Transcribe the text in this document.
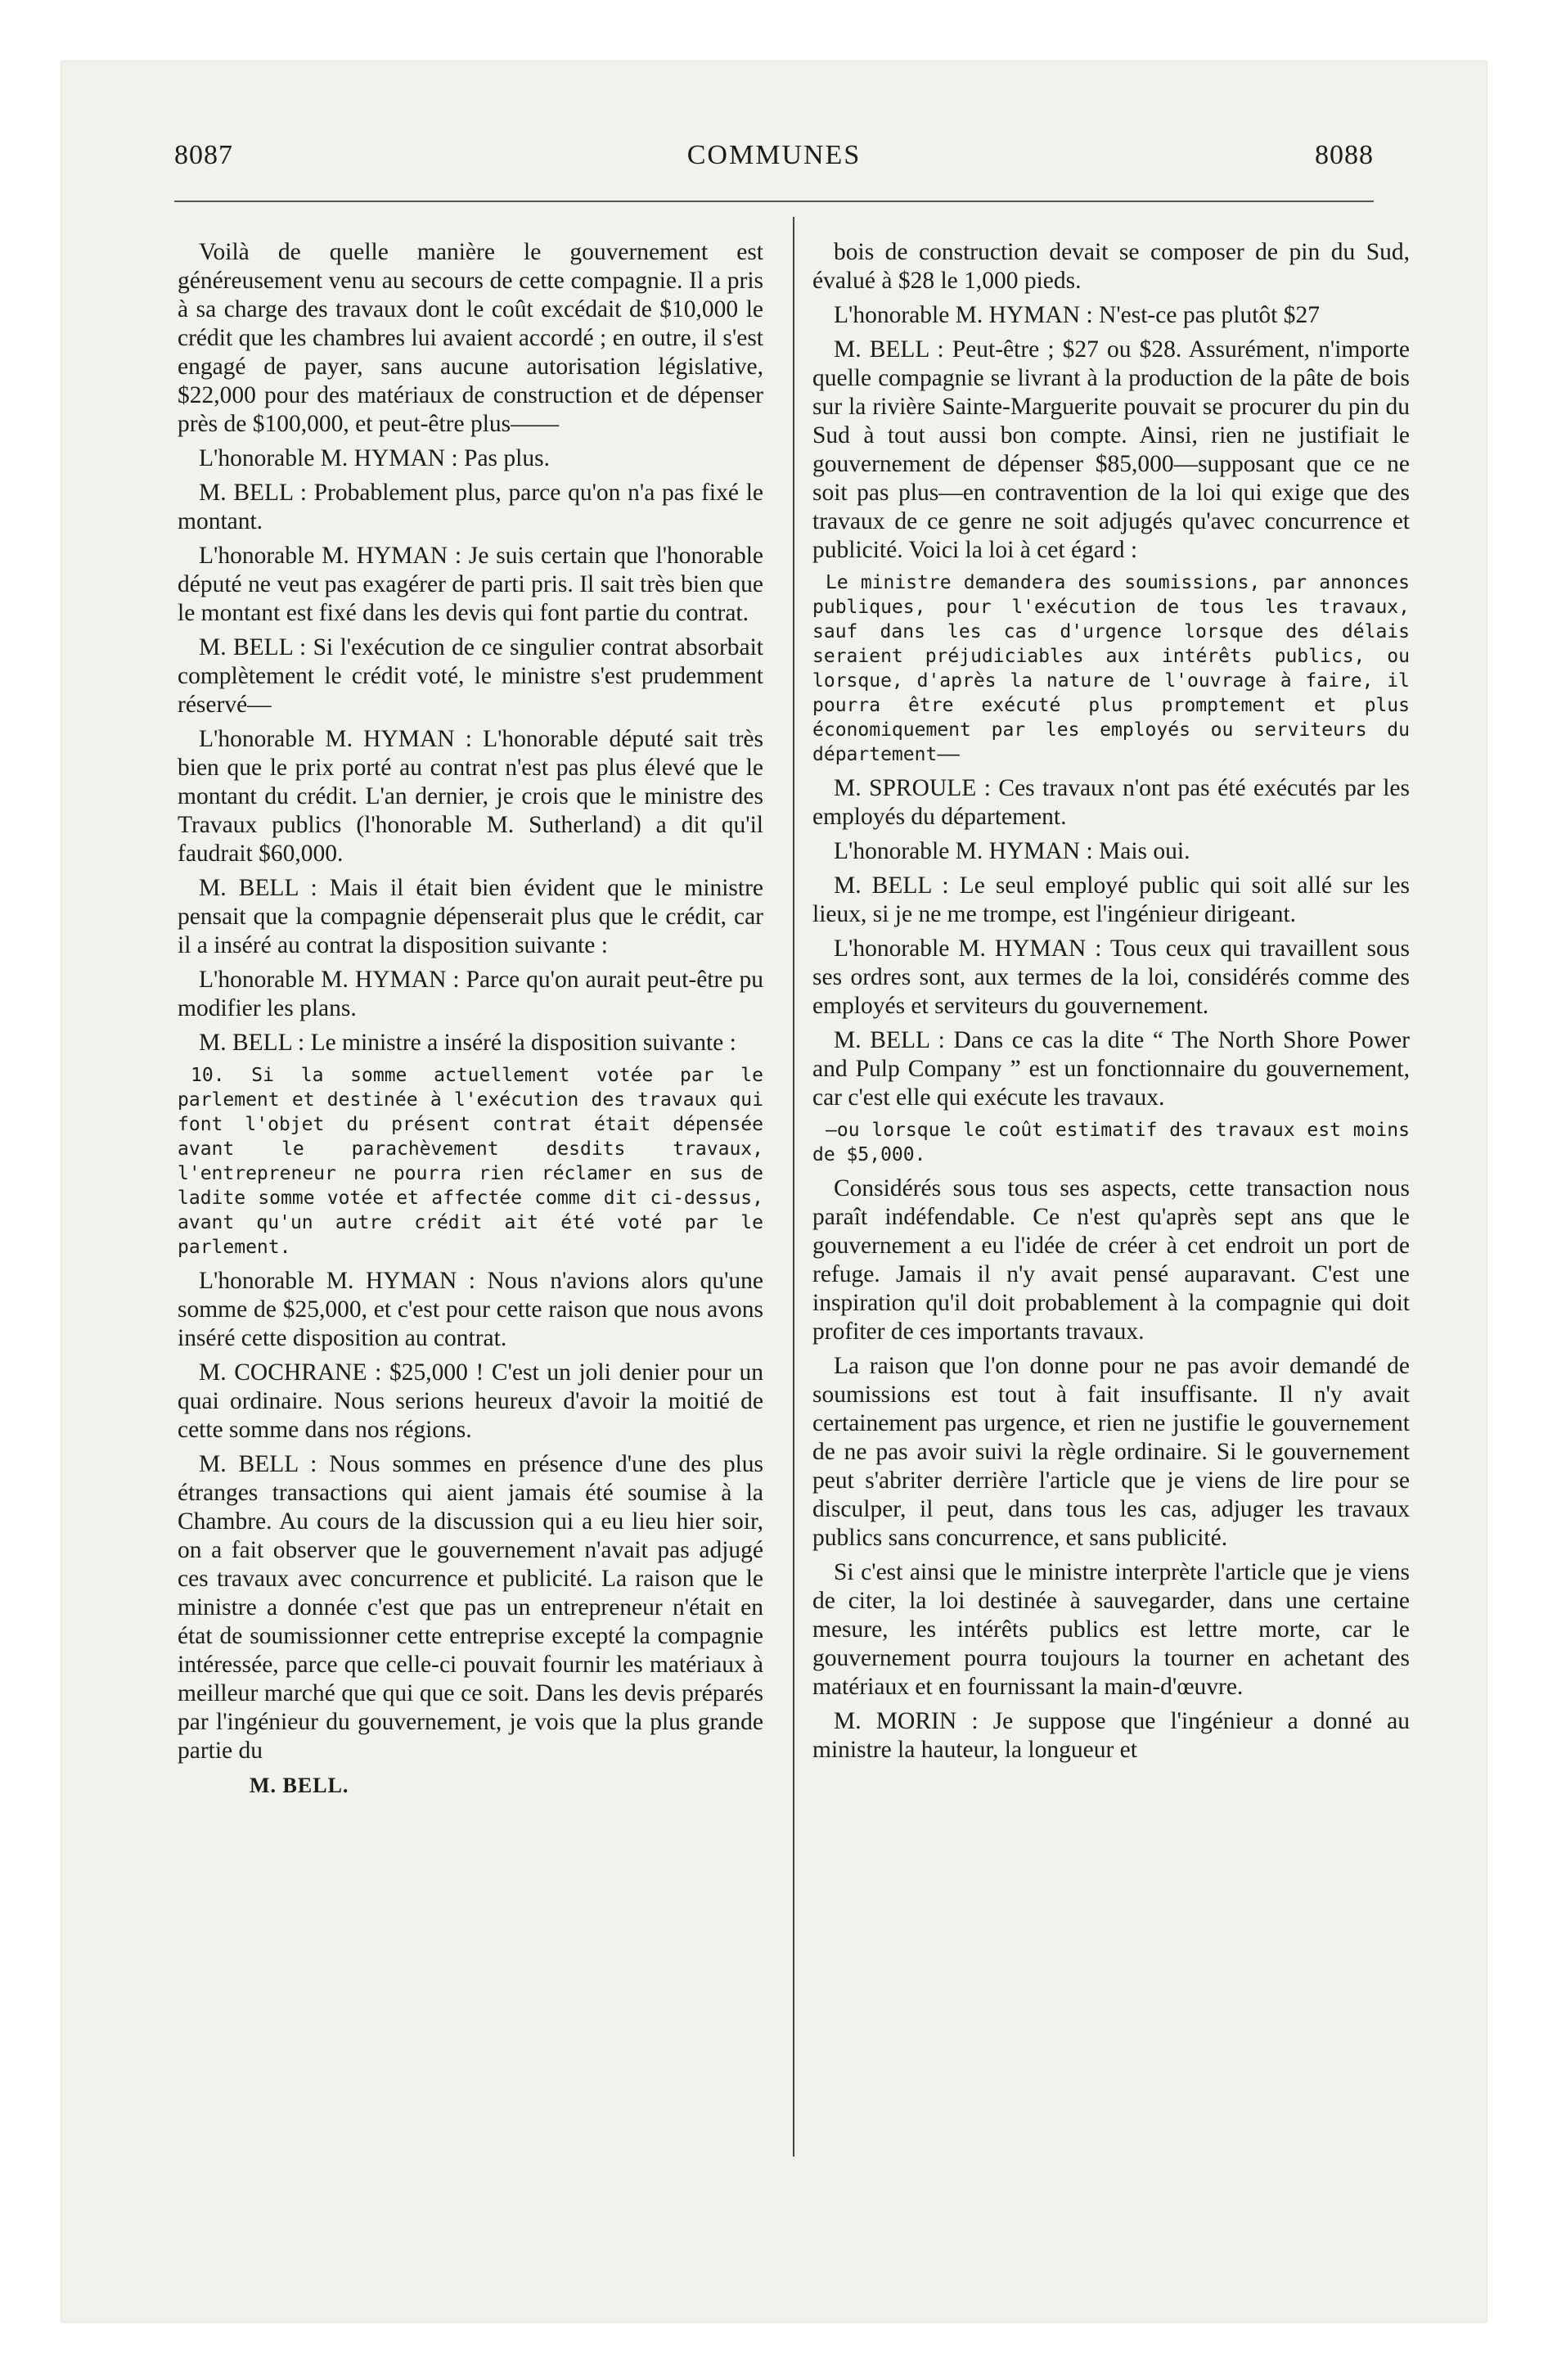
8087	COMMUNES	8088

Voilà de quelle manière le gouvernement est généreusement venu au secours de cette compagnie. Il a pris à sa charge des travaux dont le coût excédait de $10,000 le crédit que les chambres lui avaient accordé ; en outre, il s'est engagé de payer, sans aucune autorisation législative, $22,000 pour des matériaux de construction et de dépenser près de $100,000, et peut-être plus——

L'honorable M. HYMAN : Pas plus.

M. BELL : Probablement plus, parce qu'on n'a pas fixé le montant.

L'honorable M. HYMAN : Je suis certain que l'honorable député ne veut pas exagérer de parti pris. Il sait très bien que le montant est fixé dans les devis qui font partie du contrat.

M. BELL : Si l'exécution de ce singulier contrat absorbait complètement le crédit voté, le ministre s'est prudemment réservé—

L'honorable M. HYMAN : L'honorable député sait très bien que le prix porté au contrat n'est pas plus élevé que le montant du crédit. L'an dernier, je crois que le ministre des Travaux publics (l'honorable M. Sutherland) a dit qu'il faudrait $60,000.

M. BELL : Mais il était bien évident que le ministre pensait que la compagnie dépenserait plus que le crédit, car il a inséré au contrat la disposition suivante :

L'honorable M. HYMAN : Parce qu'on aurait peut-être pu modifier les plans.

M. BELL : Le ministre a inséré la disposition suivante :

10. Si la somme actuellement votée par le parlement et destinée à l'exécution des travaux qui font l'objet du présent contrat était dépensée avant le parachèvement desdits travaux, l'entrepreneur ne pourra rien réclamer en sus de ladite somme votée et affectée comme dit ci-dessus, avant qu'un autre crédit ait été voté par le parlement.

L'honorable M. HYMAN : Nous n'avions alors qu'une somme de $25,000, et c'est pour cette raison que nous avons inséré cette disposition au contrat.

M. COCHRANE : $25,000 ! C'est un joli denier pour un quai ordinaire. Nous serions heureux d'avoir la moitié de cette somme dans nos régions.

M. BELL : Nous sommes en présence d'une des plus étranges transactions qui aient jamais été soumise à la Chambre. Au cours de la discussion qui a eu lieu hier soir, on a fait observer que le gouvernement n'avait pas adjugé ces travaux avec concurrence et publicité. La raison que le ministre a donnée c'est que pas un entrepreneur n'était en état de soumissionner cette entreprise excepté la compagnie intéressée, parce que celle-ci pouvait fournir les matériaux à meilleur marché que qui que ce soit. Dans les devis préparés par l'ingénieur du gouvernement, je vois que la plus grande partie du

M. BELL.

bois de construction devait se composer de pin du Sud, évalué à $28 le 1,000 pieds.

L'honorable M. HYMAN : N'est-ce pas plutôt $27

M. BELL : Peut-être ; $27 ou $28. Assurément, n'importe quelle compagnie se livrant à la production de la pâte de bois sur la rivière Sainte-Marguerite pouvait se procurer du pin du Sud à tout aussi bon compte. Ainsi, rien ne justifiait le gouvernement de dépenser $85,000—supposant que ce ne soit pas plus—en contravention de la loi qui exige que des travaux de ce genre ne soit adjugés qu'avec concurrence et publicité. Voici la loi à cet égard :

Le ministre demandera des soumissions, par annonces publiques, pour l'exécution de tous les travaux, sauf dans les cas d'urgence lorsque des délais seraient préjudiciables aux intérêts publics, ou lorsque, d'après la nature de l'ouvrage à faire, il pourra être exécuté plus promptement et plus économiquement par les employés ou serviteurs du département——

M. SPROULE : Ces travaux n'ont pas été exécutés par les employés du département.

L'honorable M. HYMAN : Mais oui.

M. BELL : Le seul employé public qui soit allé sur les lieux, si je ne me trompe, est l'ingénieur dirigeant.

L'honorable M. HYMAN : Tous ceux qui travaillent sous ses ordres sont, aux termes de la loi, considérés comme des employés et serviteurs du gouvernement.

M. BELL : Dans ce cas la dite “ The North Shore Power and Pulp Company ” est un fonctionnaire du gouvernement, car c'est elle qui exécute les travaux.

—ou lorsque le coût estimatif des travaux est moins de $5,000.

Considérés sous tous ses aspects, cette transaction nous paraît indéfendable. Ce n'est qu'après sept ans que le gouvernement a eu l'idée de créer à cet endroit un port de refuge. Jamais il n'y avait pensé auparavant. C'est une inspiration qu'il doit probablement à la compagnie qui doit profiter de ces importants travaux.

La raison que l'on donne pour ne pas avoir demandé de soumissions est tout à fait insuffisante. Il n'y avait certainement pas urgence, et rien ne justifie le gouvernement de ne pas avoir suivi la règle ordinaire. Si le gouvernement peut s'abriter derrière l'article que je viens de lire pour se disculper, il peut, dans tous les cas, adjuger les travaux publics sans concurrence, et sans publicité.

Si c'est ainsi que le ministre interprète l'article que je viens de citer, la loi destinée à sauvegarder, dans une certaine mesure, les intérêts publics est lettre morte, car le gouvernement pourra toujours la tourner en achetant des matériaux et en fournissant la main-d'œuvre.

M. MORIN : Je suppose que l'ingénieur a donné au ministre la hauteur, la longueur et
